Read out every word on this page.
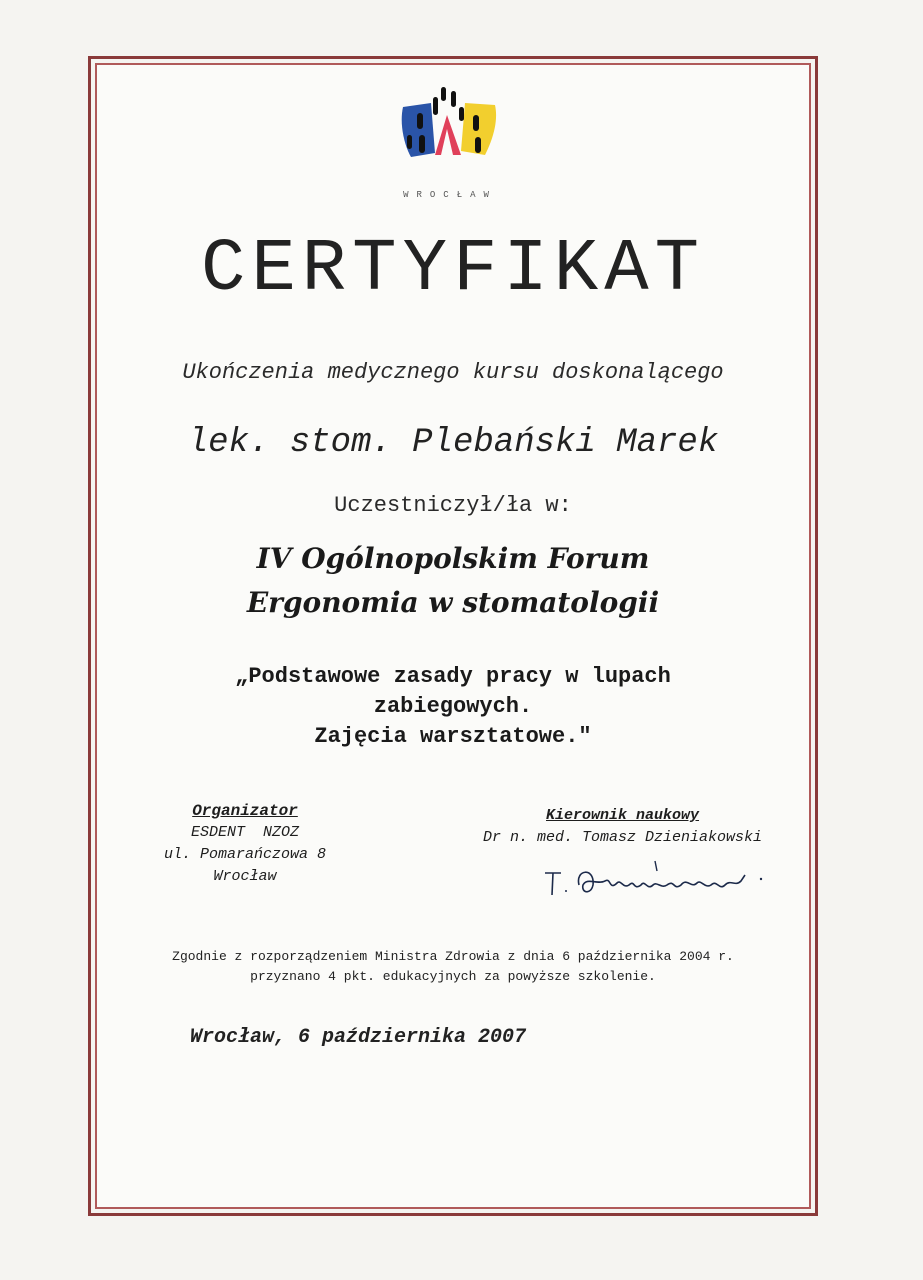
WROCŁAW
CERTYFIKAT
Ukończenia medycznego kursu doskonalącego
lek. stom. Plebański Marek
Uczestniczył/ła w:
IV Ogólnopolskim Forum
Ergonomia w stomatologii
„Podstawowe zasady pracy w lupach
zabiegowych.
Zajęcia warsztatowe."
Organizator
ESDENT  NZOZ
ul. Pomarańczowa 8
Wrocław
Kierownik naukowy
Dr n. med. Tomasz Dzieniakowski
Zgodnie z rozporządzeniem Ministra Zdrowia z dnia 6 października 2004 r.
przyznano 4 pkt. edukacyjnych za powyższe szkolenie.
Wrocław, 6 października 2007
